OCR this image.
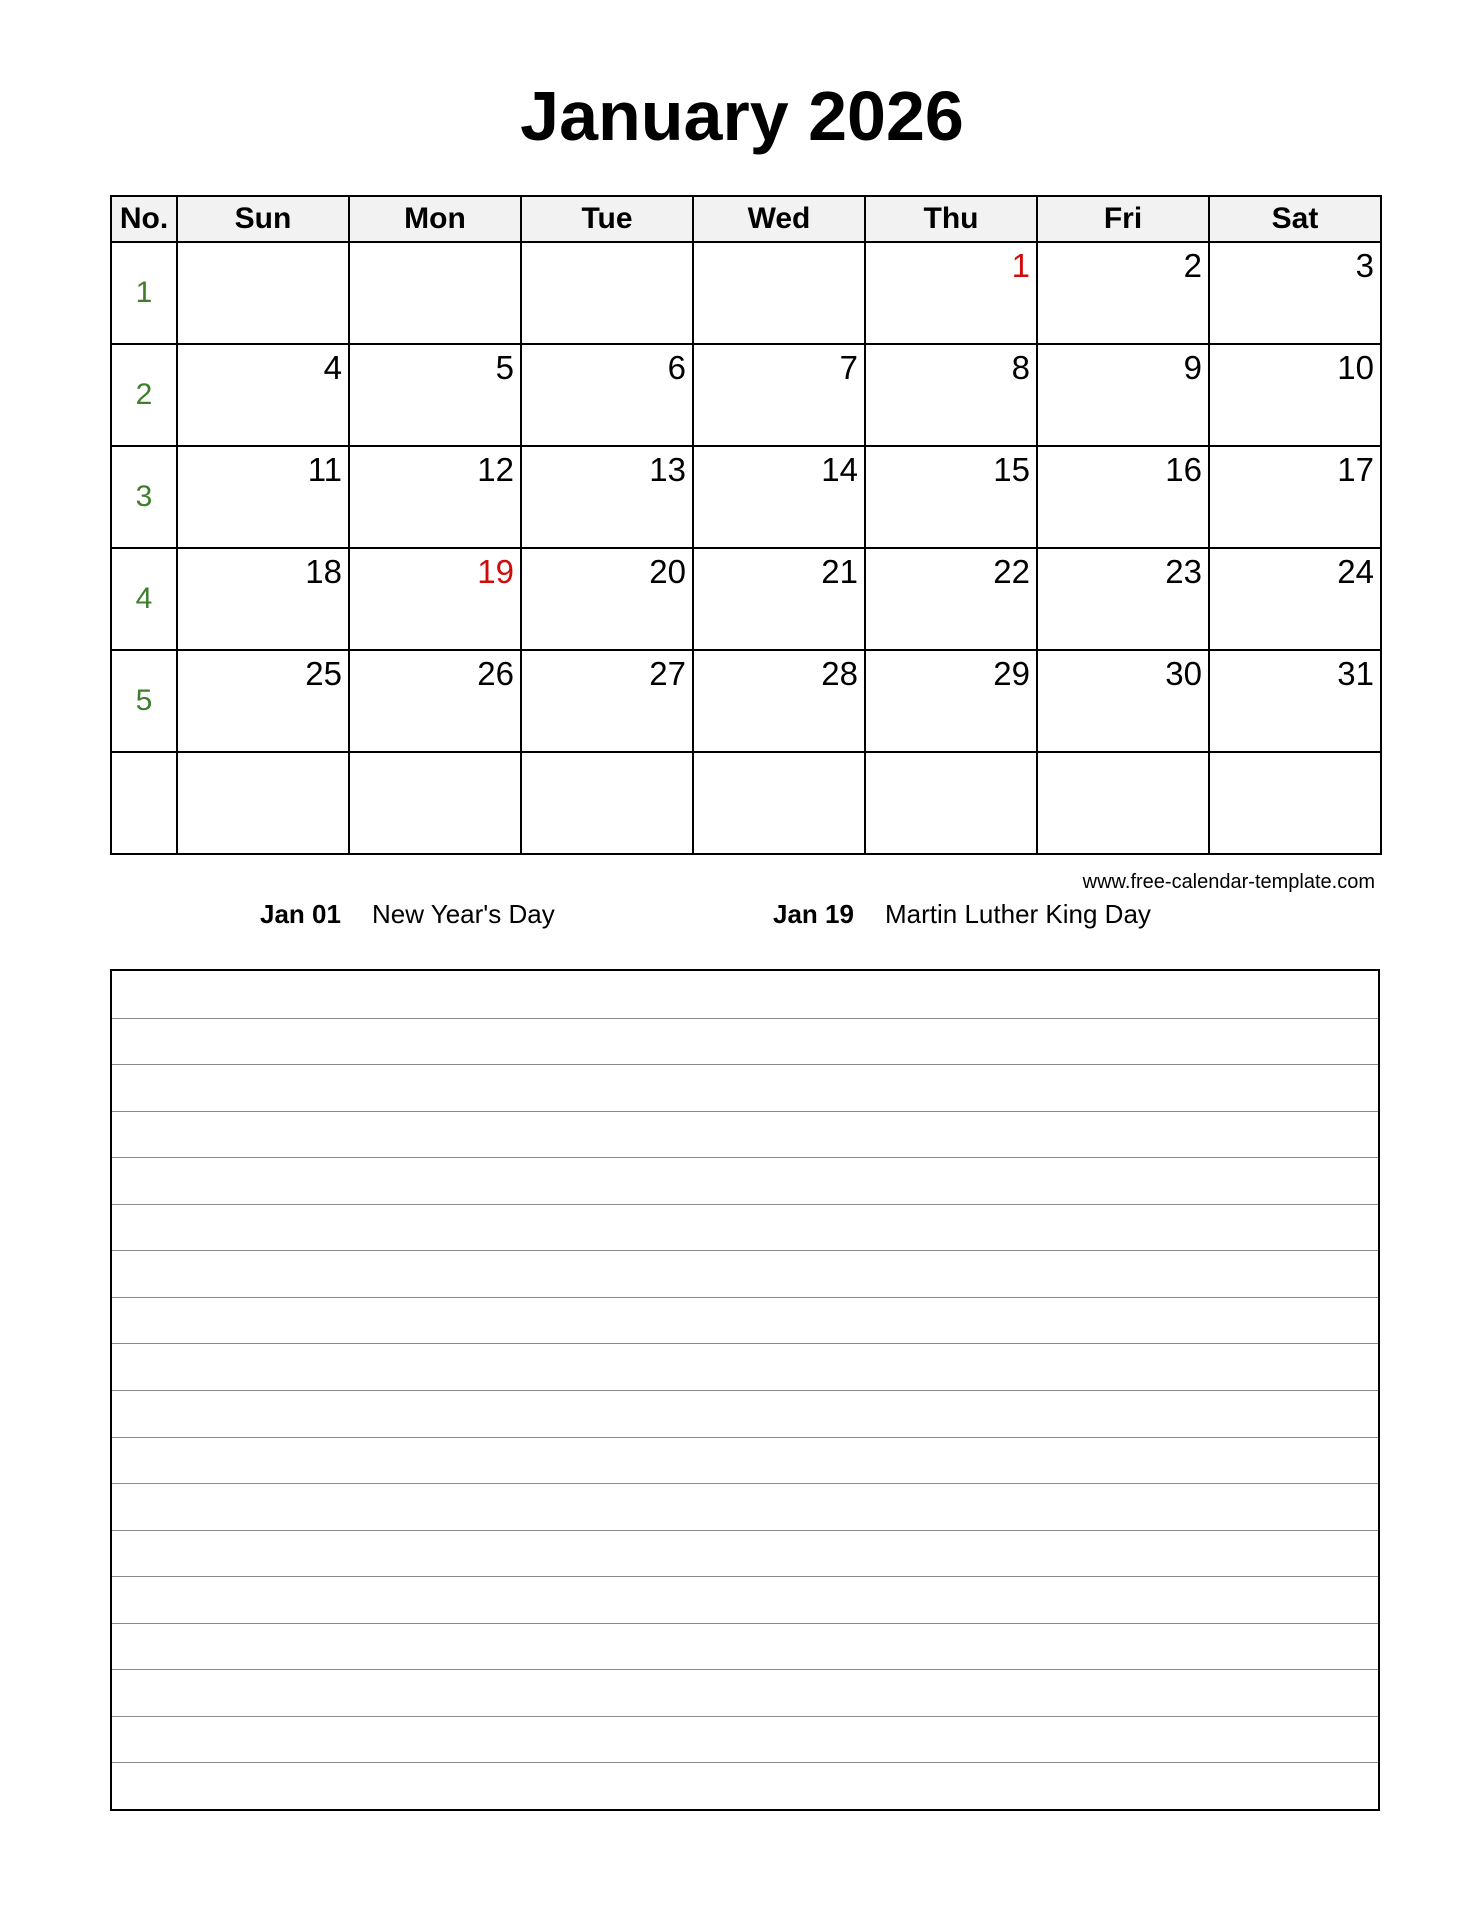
January 2026
No.	Sun	Mon	Tue	Wed	Thu	Fri	Sat
1					1	2	3

2	4	5	6	7	8	9	10

3	11	12	13	14	15	16	17

4	18	19	20	21	22	23	24

5	25	26	27	28	29	30	31

www.free-calendar-template.com
Jan 01 New Year's Day	Jan 19 Martin Luther King Day
